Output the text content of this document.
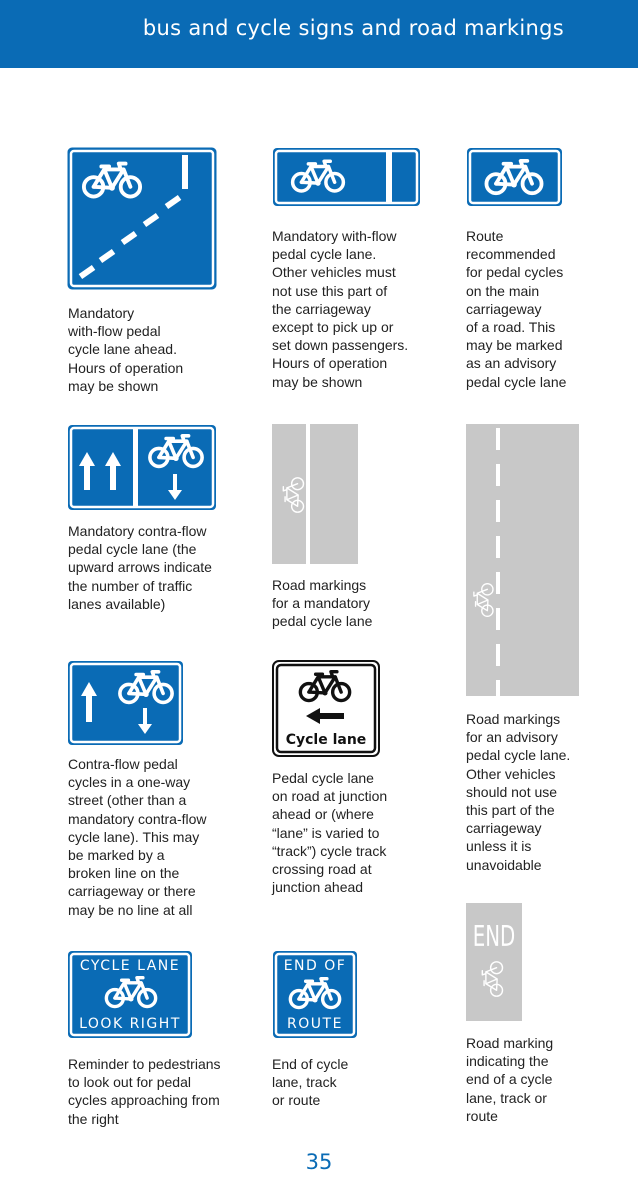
bus and cycle signs and road markings
Mandatory
with-flow pedal
cycle lane ahead.
Hours of operation
may be shown
Mandatory with-flow
pedal cycle lane.
Other vehicles must
not use this part of
the carriageway
except to pick up or
set down passengers.
Hours of operation
may be shown
Route
recommended
for pedal cycles
on the main
carriageway
of a road. This
may be marked
as an advisory
pedal cycle lane
Mandatory contra-flow
pedal cycle lane (the
upward arrows indicate
the number of traffic
lanes available)
Road markings
for a mandatory
pedal cycle lane
Road markings
for an advisory
pedal cycle lane.
Other vehicles
should not use
this part of the
carriageway
unless it is
unavoidable
Contra-flow pedal
cycles in a one-way
street (other than a
mandatory contra-flow
cycle lane). This may
be marked by a
broken line on the
carriageway or there
may be no line at all
Cycle lane
Pedal cycle lane
on road at junction
ahead or (where
“lane” is varied to
“track”) cycle track
crossing road at
junction ahead
CYCLE LANE
LOOK RIGHT
Reminder to pedestrians
to look out for pedal
cycles approaching from
the right
END OF
ROUTE
End of cycle
lane, track
or route
END
Road marking
indicating the
end of a cycle
lane, track or
route
35
